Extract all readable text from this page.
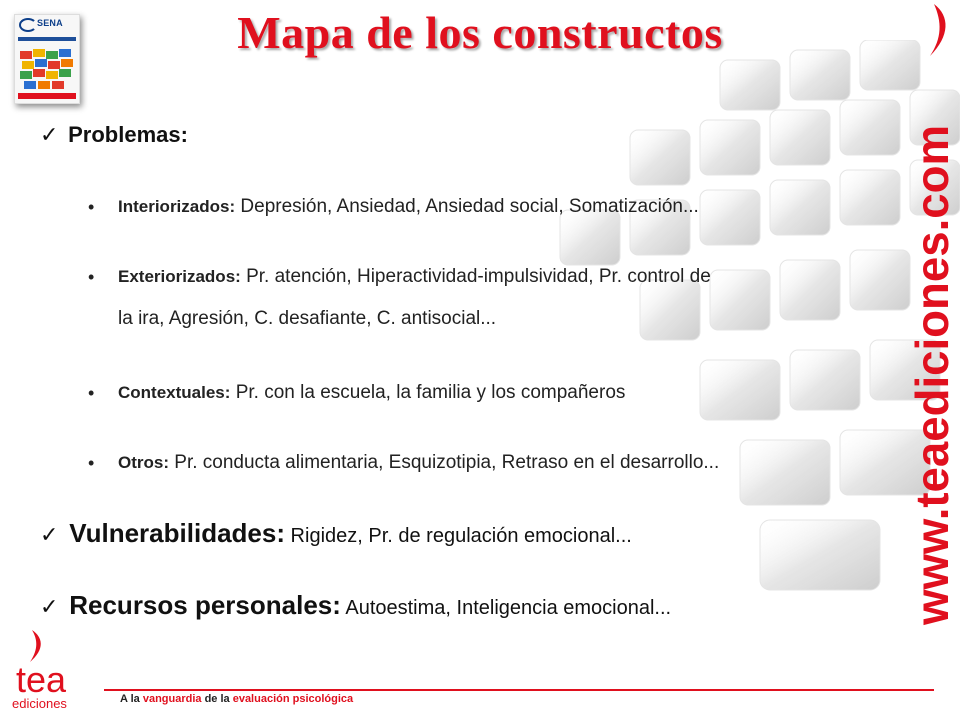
SENA	Mapa de los constructos
✓ Problemas:
•	Interiorizados: Depresión, Ansiedad, Ansiedad social, Somatización...
•	Exteriorizados: Pr. atención, Hiperactividad-impulsividad, Pr. control de
la ira, Agresión, C. desafiante, C. antisocial...
•	Contextuales: Pr. con la escuela, la familia y los compañeros
•	Otros: Pr. conducta alimentaria, Esquizotipia, Retraso en el desarrollo...
✓ Vulnerabilidades: Rigidez, Pr. de regulación emocional...
✓ Recursos personales: Autoestima, Inteligencia emocional...	www.teaediciones.com
tea
ediciones	A la vanguardia de la evaluación psicológica
